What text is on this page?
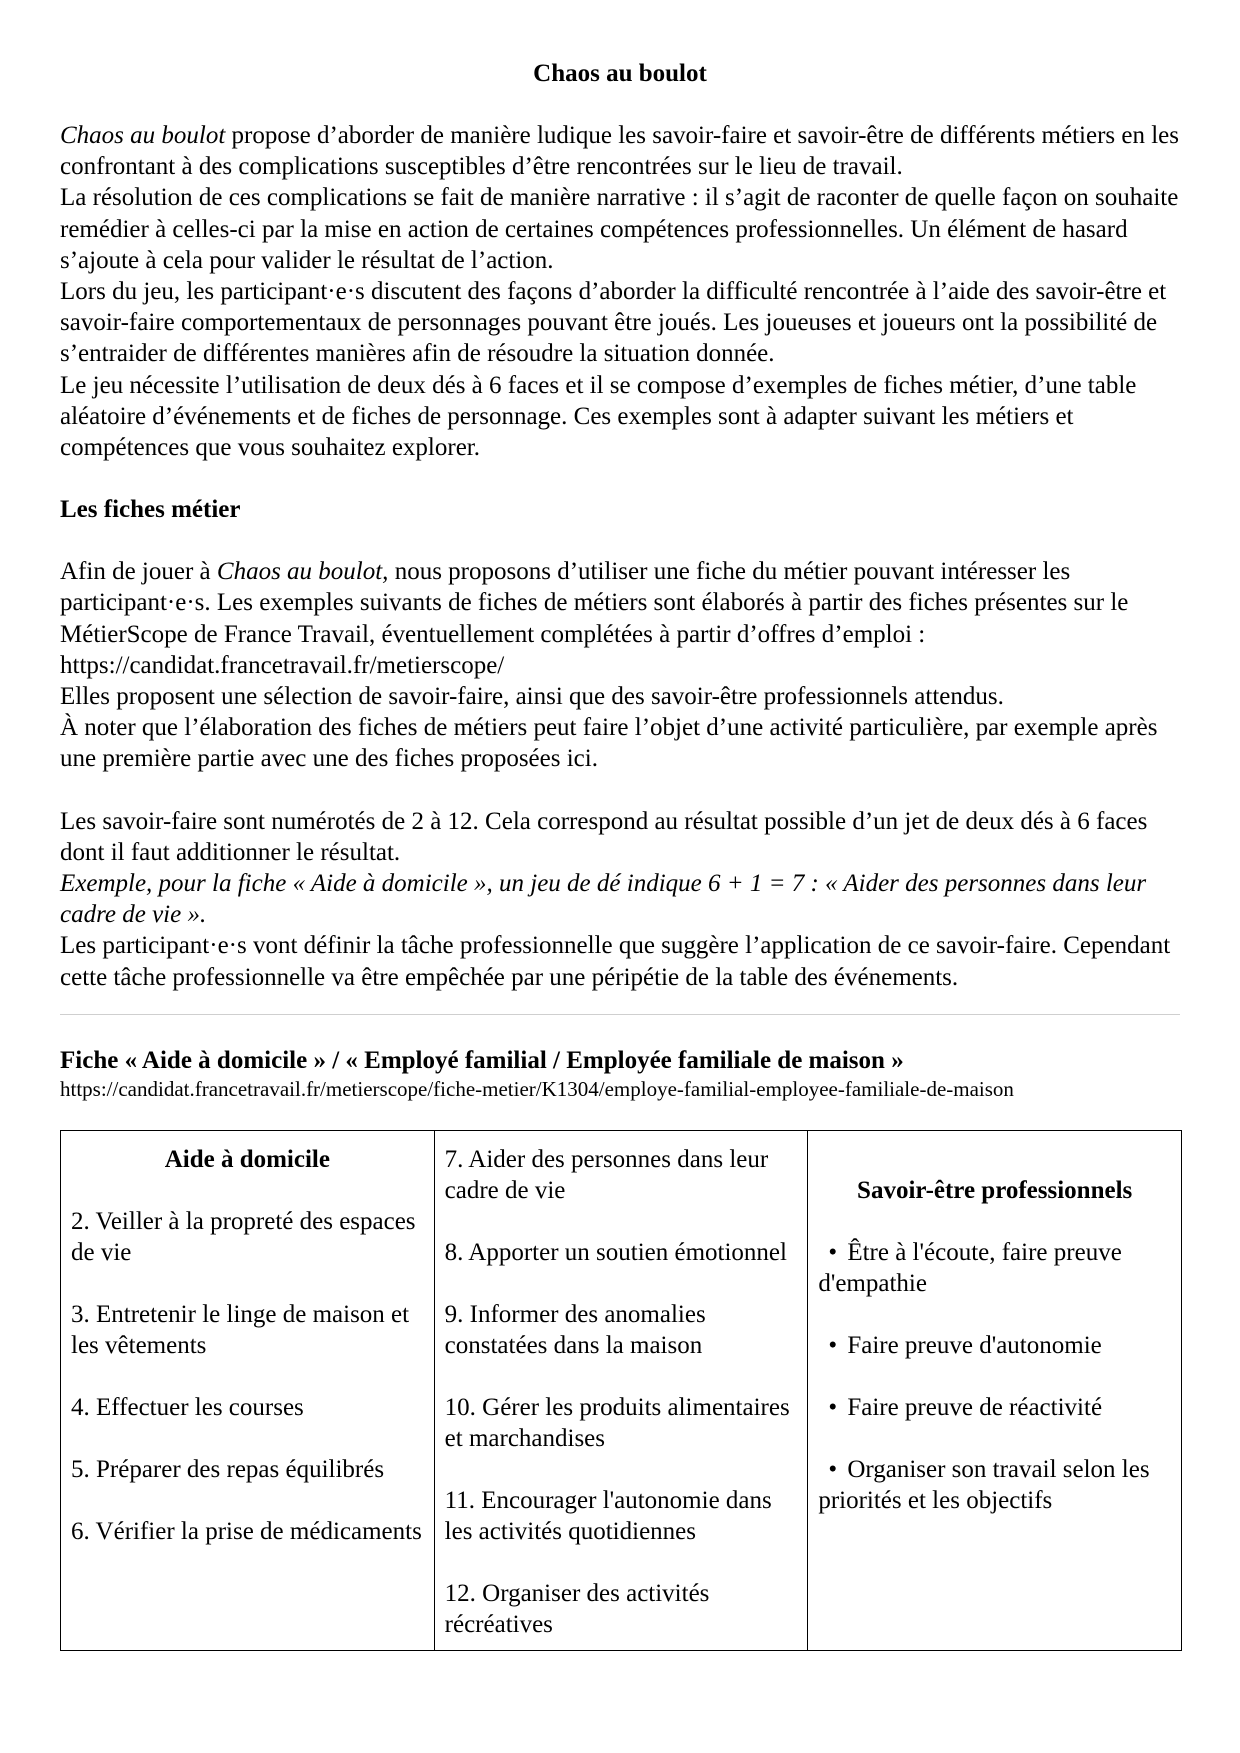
Chaos au boulot

Chaos au boulot propose d’aborder de manière ludique les savoir-faire et savoir-être de différents métiers en les confrontant à des complications susceptibles d’être rencontrées sur le lieu de travail.

La résolution de ces complications se fait de manière narrative : il s’agit de raconter de quelle façon on souhaite remédier à celles-ci par la mise en action de certaines compétences professionnelles. Un élément de hasard s’ajoute à cela pour valider le résultat de l’action.

Lors du jeu, les participant·e·s discutent des façons d’aborder la difficulté rencontrée à l’aide des savoir-être et savoir-faire comportementaux de personnages pouvant être joués. Les joueuses et joueurs ont la possibilité de s’entraider de différentes manières afin de résoudre la situation donnée.

Le jeu nécessite l’utilisation de deux dés à 6 faces et il se compose d’exemples de fiches métier, d’une table aléatoire d’événements et de fiches de personnage. Ces exemples sont à adapter suivant les métiers et compétences que vous souhaitez explorer.

Les fiches métier

Afin de jouer à Chaos au boulot, nous proposons d’utiliser une fiche du métier pouvant intéresser les participant·e·s. Les exemples suivants de fiches de métiers sont élaborés à partir des fiches présentes sur le MétierScope de France Travail, éventuellement complétées à partir d’offres d’emploi : https://candidat.francetravail.fr/metierscope/

Elles proposent une sélection de savoir-faire, ainsi que des savoir-être professionnels attendus.

À noter que l’élaboration des fiches de métiers peut faire l’objet d’une activité particulière, par exemple après une première partie avec une des fiches proposées ici.

Les savoir-faire sont numérotés de 2 à 12. Cela correspond au résultat possible d’un jet de deux dés à 6 faces dont il faut additionner le résultat.

Exemple, pour la fiche « Aide à domicile », un jeu de dé indique 6 + 1 = 7 : « Aider des personnes dans leur cadre de vie ».

Les participant·e·s vont définir la tâche professionnelle que suggère l’application de ce savoir-faire. Cependant cette tâche professionnelle va être empêchée par une péripétie de la table des événements.

Fiche « Aide à domicile » / « Employé familial / Employée familiale de maison »
https://candidat.francetravail.fr/metierscope/fiche-metier/K1304/employe-familial-employee-familiale-de-maison
Aide à domicile
2. Veiller à la propreté des espaces de vie
3. Entretenir le linge de maison et les vêtements
4. Effectuer les courses
5. Préparer des repas équilibrés
6. Vérifier la prise de médicaments

7. Aider des personnes dans leur cadre de vie
8. Apporter un soutien émotionnel
9. Informer des anomalies constatées dans la maison
10. Gérer les produits alimentaires et marchandises
11. Encourager l'autonomie dans les activités quotidiennes
12. Organiser des activités récréatives

Savoir-être professionnels
• Être à l'écoute, faire preuve d'empathie
• Faire preuve d'autonomie
• Faire preuve de réactivité
• Organiser son travail selon les priorités et les objectifs
